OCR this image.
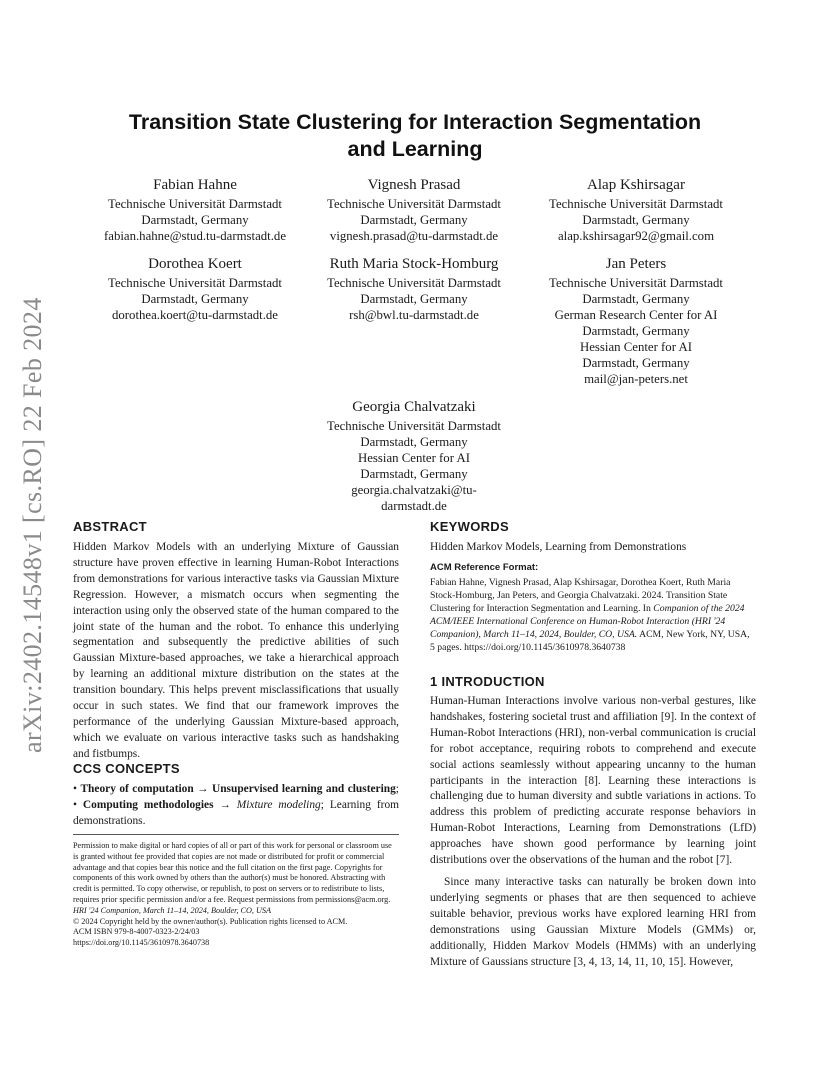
arXiv:2402.14548v1 [cs.RO] 22 Feb 2024
Transition State Clustering for Interaction Segmentation and Learning
Fabian Hahne
Technische Universität Darmstadt
Darmstadt, Germany
fabian.hahne@stud.tu-darmstadt.de
Vignesh Prasad
Technische Universität Darmstadt
Darmstadt, Germany
vignesh.prasad@tu-darmstadt.de
Alap Kshirsagar
Technische Universität Darmstadt
Darmstadt, Germany
alap.kshirsagar92@gmail.com
Dorothea Koert
Technische Universität Darmstadt
Darmstadt, Germany
dorothea.koert@tu-darmstadt.de
Ruth Maria Stock-Homburg
Technische Universität Darmstadt
Darmstadt, Germany
rsh@bwl.tu-darmstadt.de
Jan Peters
Technische Universität Darmstadt
Darmstadt, Germany
German Research Center for AI
Darmstadt, Germany
Hessian Center for AI
Darmstadt, Germany
mail@jan-peters.net
Georgia Chalvatzaki
Technische Universität Darmstadt
Darmstadt, Germany
Hessian Center for AI
Darmstadt, Germany
georgia.chalvatzaki@tu-
darmstadt.de
ABSTRACT

Hidden Markov Models with an underlying Mixture of Gaussian structure have proven effective in learning Human-Robot Interactions from demonstrations for various interactive tasks via Gaussian Mixture Regression. However, a mismatch occurs when segmenting the interaction using only the observed state of the human compared to the joint state of the human and the robot. To enhance this underlying segmentation and subsequently the predictive abilities of such Gaussian Mixture-based approaches, we take a hierarchical approach by learning an additional mixture distribution on the states at the transition boundary. This helps prevent misclassifications that usually occur in such states. We find that our framework improves the performance of the underlying Gaussian Mixture-based approach, which we evaluate on various interactive tasks such as handshaking and fistbumps.

CCS CONCEPTS

• Theory of computation → Unsupervised learning and clustering; • Computing methodologies → Mixture modeling; Learning from demonstrations.

Permission to make digital or hard copies of all or part of this work for personal or classroom use is granted without fee provided that copies are not made or distributed for profit or commercial advantage and that copies bear this notice and the full citation on the first page. Copyrights for components of this work owned by others than the author(s) must be honored. Abstracting with credit is permitted. To copy otherwise, or republish, to post on servers or to redistribute to lists, requires prior specific permission and/or a fee. Request permissions from permissions@acm.org.

HRI '24 Companion, March 11–14, 2024, Boulder, CO, USA

© 2024 Copyright held by the owner/author(s). Publication rights licensed to ACM.

ACM ISBN 979-8-4007-0323-2/24/03

https://doi.org/10.1145/3610978.3640738

KEYWORDS

Hidden Markov Models, Learning from Demonstrations

ACM Reference Format:

Fabian Hahne, Vignesh Prasad, Alap Kshirsagar, Dorothea Koert, Ruth Maria Stock-Homburg, Jan Peters, and Georgia Chalvatzaki. 2024. Transition State Clustering for Interaction Segmentation and Learning. In Companion of the 2024 ACM/IEEE International Conference on Human-Robot Interaction (HRI '24 Companion), March 11–14, 2024, Boulder, CO, USA. ACM, New York, NY, USA, 5 pages. https://doi.org/10.1145/3610978.3640738

1 INTRODUCTION

Human-Human Interactions involve various non-verbal gestures, like handshakes, fostering societal trust and affiliation [9]. In the context of Human-Robot Interactions (HRI), non-verbal communication is crucial for robot acceptance, requiring robots to comprehend and execute social actions seamlessly without appearing uncanny to the human participants in the interaction [8]. Learning these interactions is challenging due to human diversity and subtle variations in actions. To address this problem of predicting accurate response behaviors in Human-Robot Interactions, Learning from Demonstrations (LfD) approaches have shown good performance by learning joint distributions over the observations of the human and the robot [7].

Since many interactive tasks can naturally be broken down into underlying segments or phases that are then sequenced to achieve suitable behavior, previous works have explored learning HRI from demonstrations using Gaussian Mixture Models (GMMs) or, additionally, Hidden Markov Models (HMMs) with an underlying Mixture of Gaussians structure [3, 4, 13, 14, 11, 10, 15]. However,
